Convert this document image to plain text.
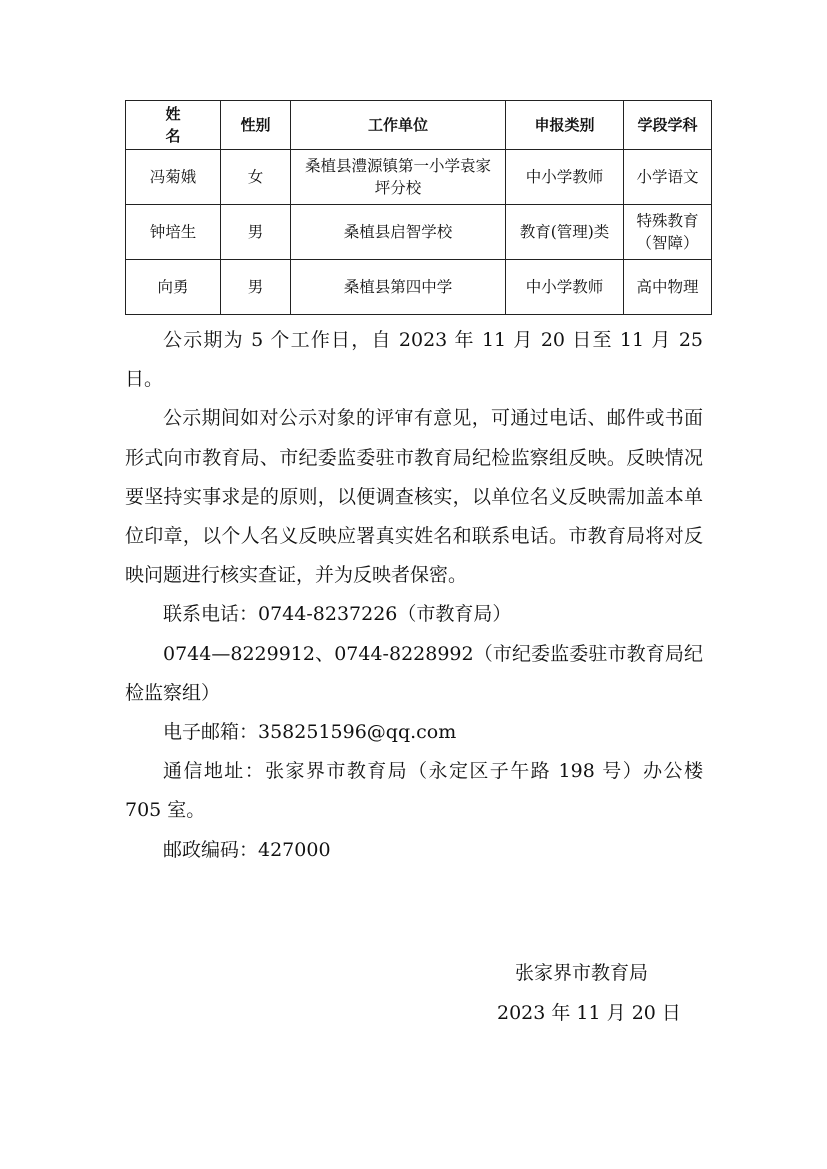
姓 名	性别	工作单位	申报类别	学段学科
冯菊娥	女	桑植县澧源镇第一小学袁家坪分校	中小学教师	小学语文
钟培生	男	桑植县启智学校	教育(管理)类	特殊教育（智障）
向勇	男	桑植县第四中学	中小学教师	高中物理

公示期为 5 个工作日，自 2023 年 11 月 20 日至 11 月 25 日。

公示期间如对公示对象的评审有意见，可通过电话、邮件或书面形式向市教育局、市纪委监委驻市教育局纪检监察组反映。反映情况要坚持实事求是的原则，以便调查核实，以单位名义反映需加盖本单位印章，以个人名义反映应署真实姓名和联系电话。市教育局将对反映问题进行核实查证，并为反映者保密。

联系电话：0744-8237226（市教育局）

0744—8229912、0744-8228992（市纪委监委驻市教育局纪检监察组）

电子邮箱：358251596@qq.com

通信地址：张家界市教育局（永定区子午路 198 号）办公楼 705 室。

邮政编码：427000

张家界市教育局
2023 年 11 月 20 日
